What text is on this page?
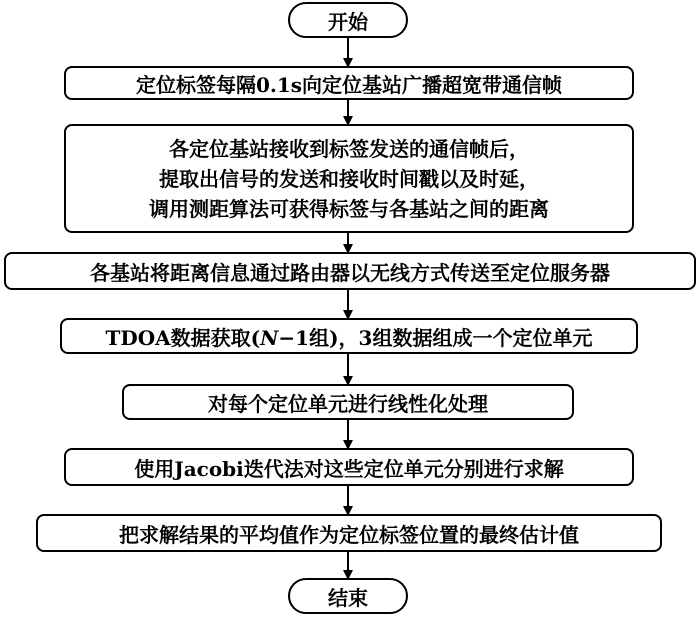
开始
定位标签每隔0.1s向定位基站广播超宽带通信帧
各定位基站接收到标签发送的通信帧后，
提取出信号的发送和接收时间戳以及时延，
调用测距算法可获得标签与各基站之间的距离
各基站将距离信息通过路由器以无线方式传送至定位服务器
TDOA数据获取(N−1组)，3组数据组成一个定位单元
对每个定位单元进行线性化处理
使用Jacobi迭代法对这些定位单元分别进行求解
把求解结果的平均值作为定位标签位置的最终估计值
结束
